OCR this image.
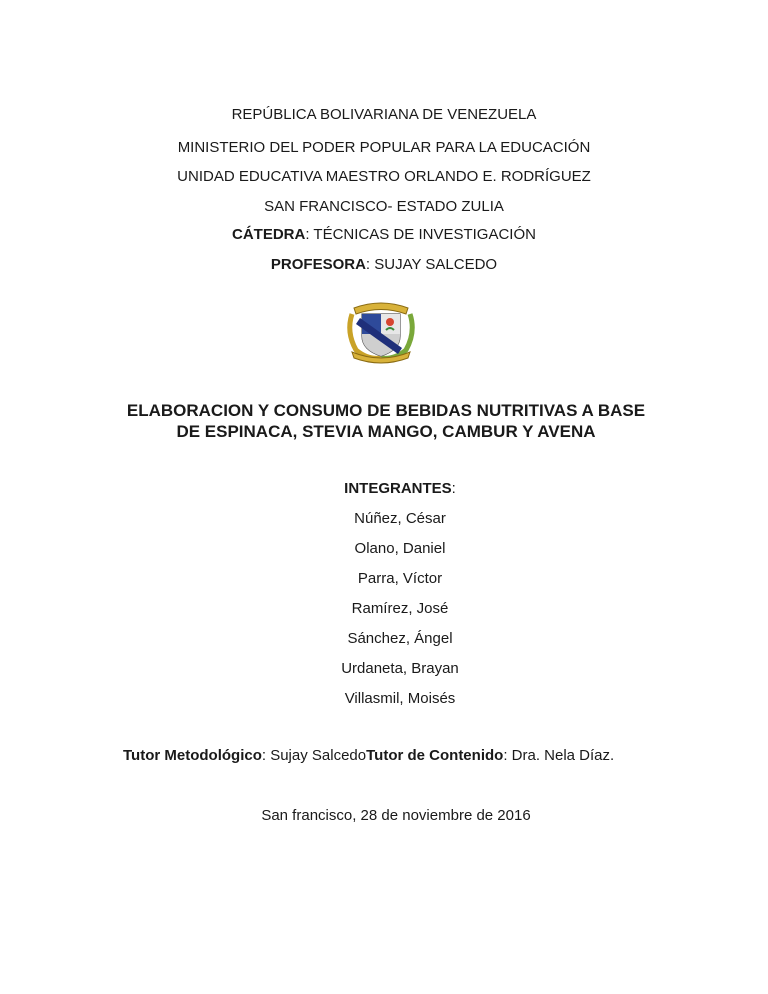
REPÚBLICA BOLIVARIANA DE VENEZUELA
MINISTERIO DEL PODER POPULAR PARA LA EDUCACIÓN
UNIDAD EDUCATIVA MAESTRO ORLANDO E. RODRÍGUEZ
SAN FRANCISCO- ESTADO ZULIA
CÁTEDRA: TÉCNICAS DE INVESTIGACIÓN
PROFESORA: SUJAY SALCEDO
ELABORACION Y CONSUMO DE BEBIDAS NUTRITIVAS A BASE
DE ESPINACA, STEVIA MANGO, CAMBUR Y AVENA
INTEGRANTES:
Núñez, César
Olano, Daniel
Parra, Víctor
Ramírez, José
Sánchez, Ángel
Urdaneta, Brayan
Villasmil, Moisés
Tutor Metodológico: Sujay SalcedoTutor de Contenido: Dra. Nela Díaz.
San francisco, 28 de noviembre de 2016
